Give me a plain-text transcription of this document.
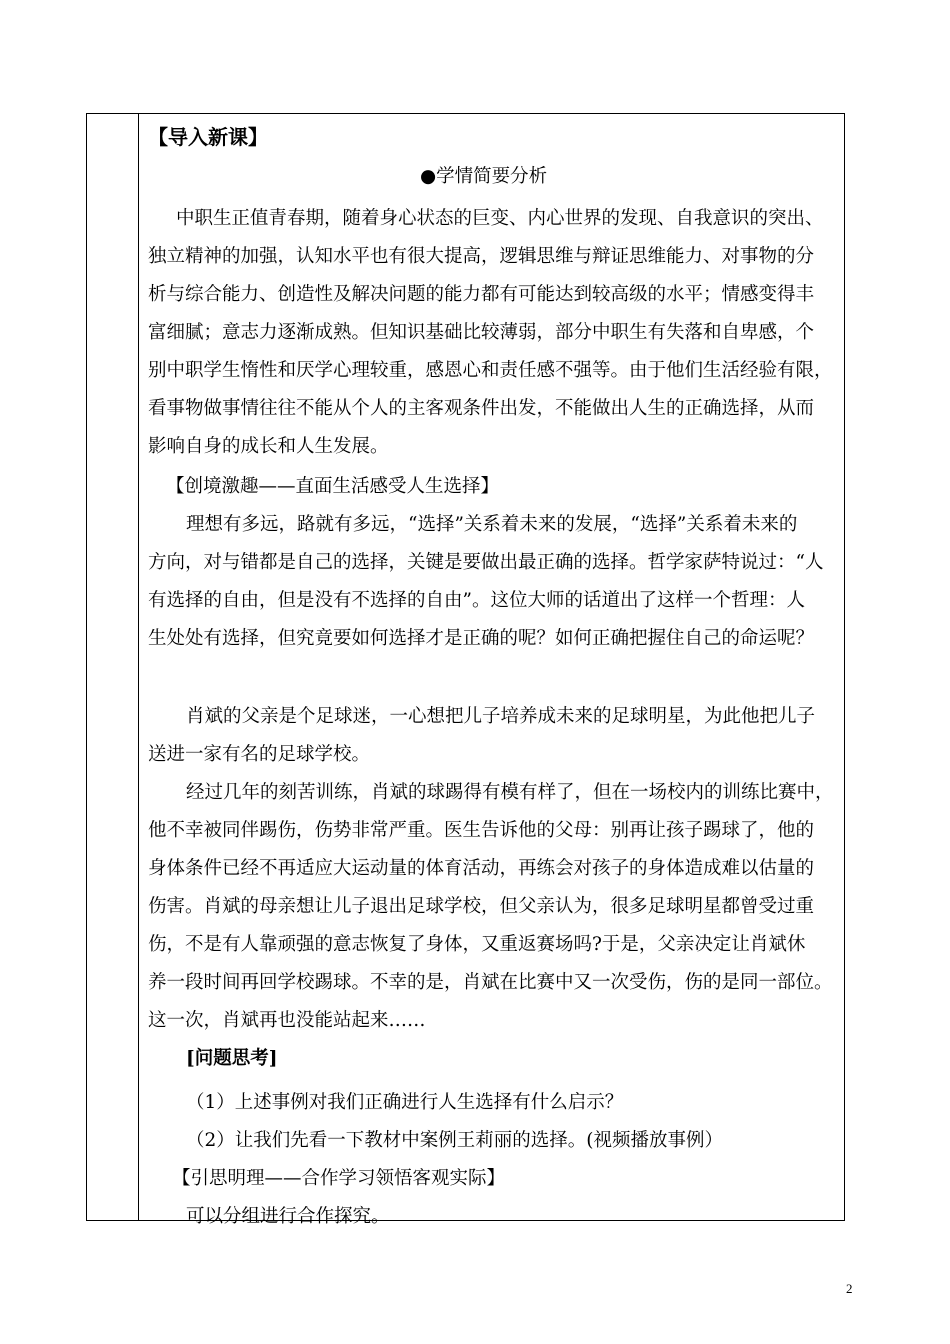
【导入新课】
●学情简要分析
中职生正值青春期，随着身心状态的巨变、内心世界的发现、自我意识的突出、
独立精神的加强，认知水平也有很大提高，逻辑思维与辩证思维能力、对事物的分
析与综合能力、创造性及解决问题的能力都有可能达到较高级的水平；情感变得丰
富细腻；意志力逐渐成熟。但知识基础比较薄弱，部分中职生有失落和自卑感，个
别中职学生惰性和厌学心理较重，感恩心和责任感不强等。由于他们生活经验有限，
看事物做事情往往不能从个人的主客观条件出发，不能做出人生的正确选择，从而
影响自身的成长和人生发展。
【创境激趣——直面生活感受人生选择】
理想有多远，路就有多远，“选择”关系着未来的发展，“选择”关系着未来的
方向，对与错都是自己的选择，关键是要做出最正确的选择。哲学家萨特说过：“人
有选择的自由，但是没有不选择的自由”。这位大师的话道出了这样一个哲理：人
生处处有选择，但究竟要如何选择才是正确的呢？如何正确把握住自己的命运呢？
肖斌的父亲是个足球迷，一心想把儿子培养成未来的足球明星，为此他把儿子
送进一家有名的足球学校。
经过几年的刻苦训练，肖斌的球踢得有模有样了，但在一场校内的训练比赛中，
他不幸被同伴踢伤，伤势非常严重。医生告诉他的父母：别再让孩子踢球了，他的
身体条件已经不再适应大运动量的体育活动，再练会对孩子的身体造成难以估量的
伤害。肖斌的母亲想让儿子退出足球学校，但父亲认为，很多足球明星都曾受过重
伤，不是有人靠顽强的意志恢复了身体，又重返赛场吗?于是，父亲决定让肖斌休
养一段时间再回学校踢球。不幸的是，肖斌在比赛中又一次受伤，伤的是同一部位。
这一次，肖斌再也没能站起来……
[问题思考]
（1）上述事例对我们正确进行人生选择有什么启示？
（2）让我们先看一下教材中案例王莉丽的选择。(视频播放事例）
【引思明理——合作学习领悟客观实际】
可以分组进行合作探究。
2
